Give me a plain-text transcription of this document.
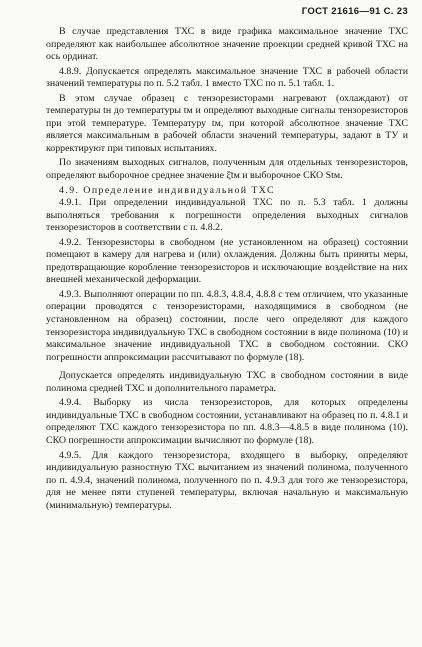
ГОСТ 21616—91 С. 23

В случае представления ТХС в виде графика максимальное значение ТХС определяют как наибольшее абсолютное значение проекции средней кривой ТХС на ось ординат.

4.8.9. Допускается определять максимальное значение ТХС в рабочей области значений температуры по п. 5.2 табл. 1 вместо ТХС по п. 5.1 табл. 1.

В этом случае образец с тензорезисторами нагревают (охлаждают) от температуры tн до температуры tм и определяют выходные сигналы тензорезисторов при этой температуре. Температуру tм, при которой абсолютное значение ТХС является максимальным в рабочей области значений температуры, задают в ТУ и корректируют при типовых испытаниях.

По значениям выходных сигналов, полученным для отдельных тензорезисторов, определяют выборочное среднее значение ξ̄tм и выборочное СКО Stм.

4.9. Определение индивидуальной ТХС

4.9.1. При определении индивидуальной ТХС по п. 5.3 табл. 1 должны выполняться требования к погрешности определения выходных сигналов тензорезисторов в соответствии с п. 4.8.2.

4.9.2. Тензорезисторы в свободном (не установленном на образец) состоянии помещают в камеру для нагрева и (или) охлаждения. Должны быть приняты меры, предотвращающие коробление тензорезисторов и исключающие воздействие на них внешней механической деформации.

4.9.3. Выполняют операции по пп. 4.8.3, 4.8.4, 4.8.8 с тем отличием, что указанные операции проводятся с тензорезисторами, находящимися в свободном (не установленном на образец) состоянии, после чего определяют для каждого тензорезистора индивидуальную ТХС в свободном состоянии в виде полинома (10) и максимальное значение индивидуальной ТХС в свободном состоянии. СКО погрешности аппроксимации рассчитывают по формуле (18).

Допускается определять индивидуальную ТХС в свободном состоянии в виде полинома средней ТХС и дополнительного параметра.

4.9.4. Выборку из числа тензорезисторов, для которых определены индивидуальные ТХС в свободном состоянии, устанавливают на образец по п. 4.8.1 и определяют ТХС каждого тензорезистора по пп. 4.8.3—4.8.5 в виде полинома (10). СКО погрешности аппроксимации вычисляют по формуле (18).

4.9.5. Для каждого тензорезистора, входящего в выборку, определяют индивидуальную разностную ТХС вычитанием из значений полинома, полученного по п. 4.9.4, значений полинома, полученного по п. 4.9.3 для того же тензорезистора, для не менее пяти ступеней температуры, включая начальную и максимальную (минимальную) температуры.
